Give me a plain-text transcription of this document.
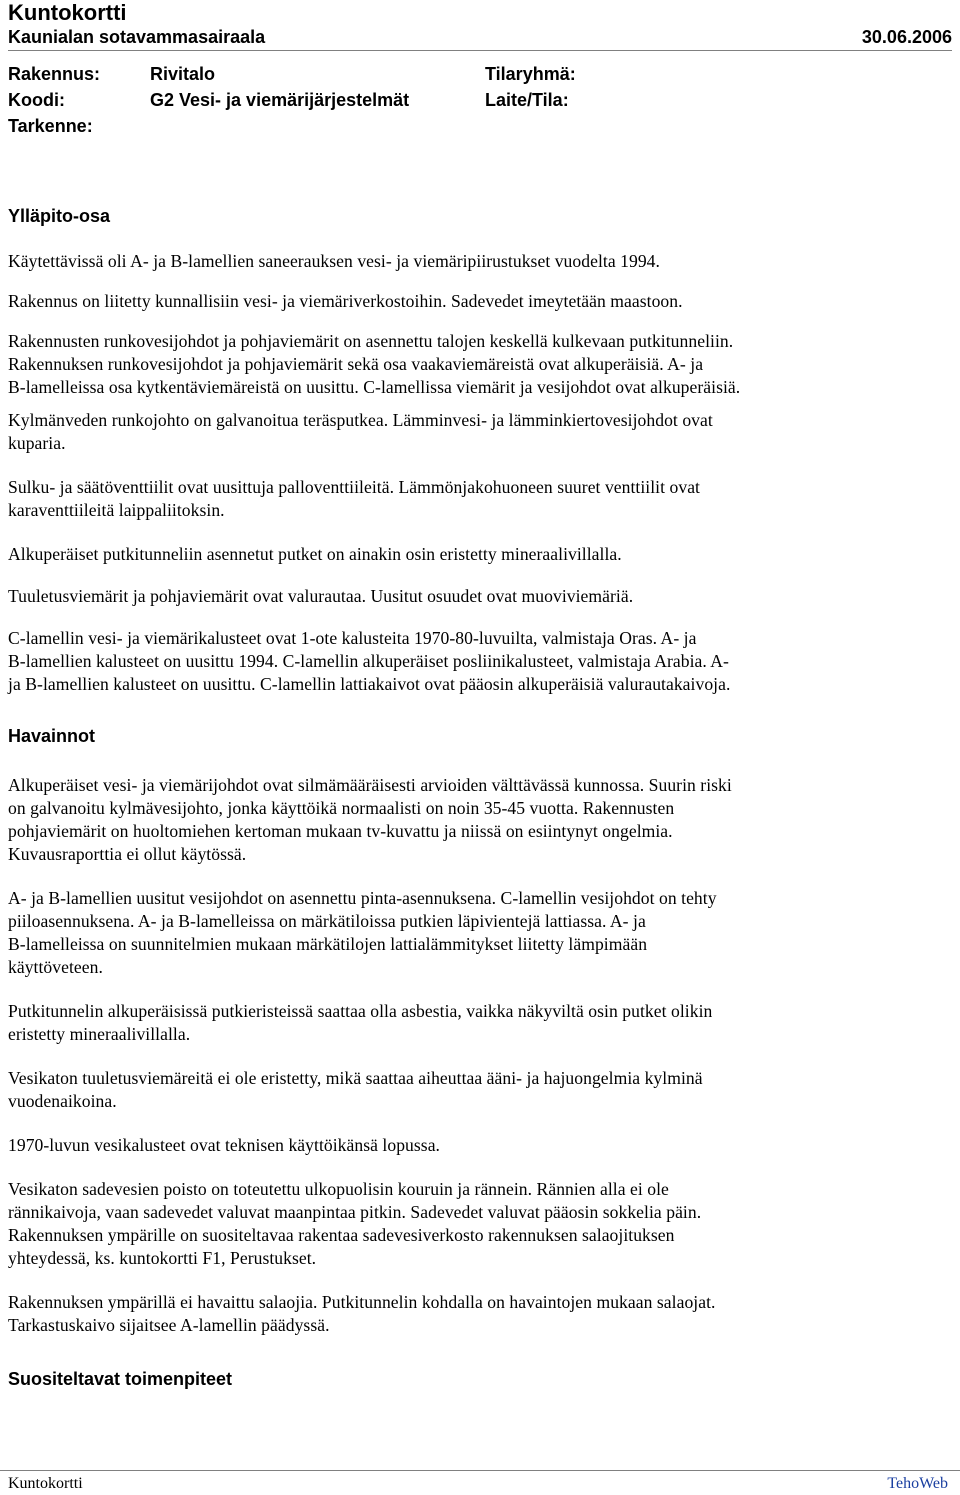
Kuntokortti
Kaunialan sotavammasairaala	30.06.2006
Rakennus:	Rivitalo	Tilaryhmä:
Koodi:	G2 Vesi- ja viemärijärjestelmät	Laite/Tila:
Tarkenne:
Ylläpito-osa

Käytettävissä oli A- ja B-lamellien saneerauksen vesi- ja viemäripiirustukset vuodelta 1994.

Rakennus on liitetty kunnallisiin vesi- ja viemäriverkostoihin. Sadevedet imeytetään maastoon.

Rakennusten runkovesijohdot ja pohjaviemärit on asennettu talojen keskellä kulkevaan putkitunneliin.

Rakennuksen runkovesijohdot ja pohjaviemärit sekä osa vaakaviemäreistä ovat alkuperäisiä. A- ja

B-lamelleissa osa kytkentäviemäreistä on uusittu. C-lamellissa viemärit ja vesijohdot ovat alkuperäisiä.

Kylmänveden runkojohto on galvanoitua teräsputkea. Lämminvesi- ja lämminkiertovesijohdot ovat

kuparia.

Sulku- ja säätöventtiilit ovat uusittuja palloventtiileitä. Lämmönjakohuoneen suuret venttiilit ovat

karaventtiileitä laippaliitoksin.

Alkuperäiset putkitunneliin asennetut putket on ainakin osin eristetty mineraalivillalla.

Tuuletusviemärit ja pohjaviemärit ovat valurautaa. Uusitut osuudet ovat muoviviemäriä.

C-lamellin vesi- ja viemärikalusteet ovat 1-ote kalusteita 1970-80-luvuilta, valmistaja Oras. A- ja

B-lamellien kalusteet on uusittu 1994. C-lamellin alkuperäiset posliinikalusteet, valmistaja Arabia. A-

ja B-lamellien kalusteet on uusittu. C-lamellin lattiakaivot ovat pääosin alkuperäisiä valurautakaivoja.

Havainnot

Alkuperäiset vesi- ja viemärijohdot ovat silmämääräisesti arvioiden välttävässä kunnossa. Suurin riski

on galvanoitu kylmävesijohto, jonka käyttöikä normaalisti on noin 35-45 vuotta. Rakennusten

pohjaviemärit on huoltomiehen kertoman mukaan tv-kuvattu ja niissä on esiintynyt ongelmia.

Kuvausraporttia ei ollut käytössä.

A- ja B-lamellien uusitut vesijohdot on asennettu pinta-asennuksena. C-lamellin vesijohdot on tehty

piiloasennuksena. A- ja B-lamelleissa on märkätiloissa putkien läpivientejä lattiassa. A- ja

B-lamelleissa on suunnitelmien mukaan märkätilojen lattialämmitykset liitetty lämpimään

käyttöveteen.

Putkitunnelin alkuperäisissä putkieristeissä saattaa olla asbestia, vaikka näkyviltä osin putket olikin

eristetty mineraalivillalla.

Vesikaton tuuletusviemäreitä ei ole eristetty, mikä saattaa aiheuttaa ääni- ja hajuongelmia kylminä

vuodenaikoina.

1970-luvun vesikalusteet ovat teknisen käyttöikänsä lopussa.

Vesikaton sadevesien poisto on toteutettu ulkopuolisin kouruin ja rännein. Rännien alla ei ole

rännikaivoja, vaan sadevedet valuvat maanpintaa pitkin. Sadevedet valuvat pääosin sokkelia päin.

Rakennuksen ympärille on suositeltavaa rakentaa sadevesiverkosto rakennuksen salaojituksen

yhteydessä, ks. kuntokortti F1, Perustukset.

Rakennuksen ympärillä ei havaittu salaojia. Putkitunnelin kohdalla on havaintojen mukaan salaojat.

Tarkastuskaivo sijaitsee A-lamellin päädyssä.

Suositeltavat toimenpiteet
Kuntokortti	TehoWeb
